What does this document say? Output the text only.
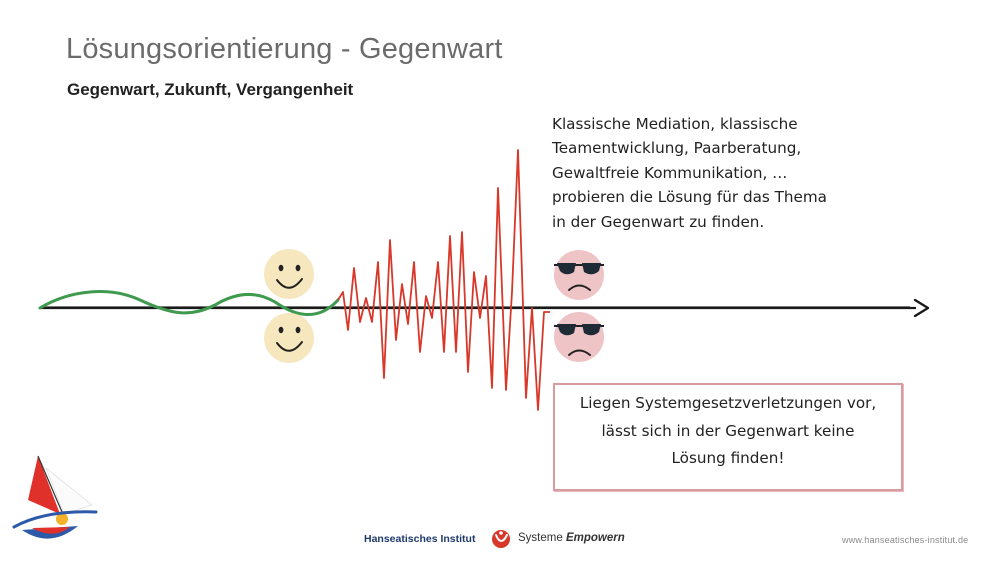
Lösungsorientierung - Gegenwart
Gegenwart, Zukunft, Vergangenheit
Klassische Mediation, klassische
Teamentwicklung, Paarberatung,
Gewaltfreie Kommunikation, …
probieren die Lösung für das Thema
in der Gegenwart zu finden.
Liegen Systemgesetzverletzungen vor,
lässt sich in der Gegenwart keine
Lösung finden!
Hanseatisches Institut	Systeme Empowern	www.hanseatisches-institut.de
